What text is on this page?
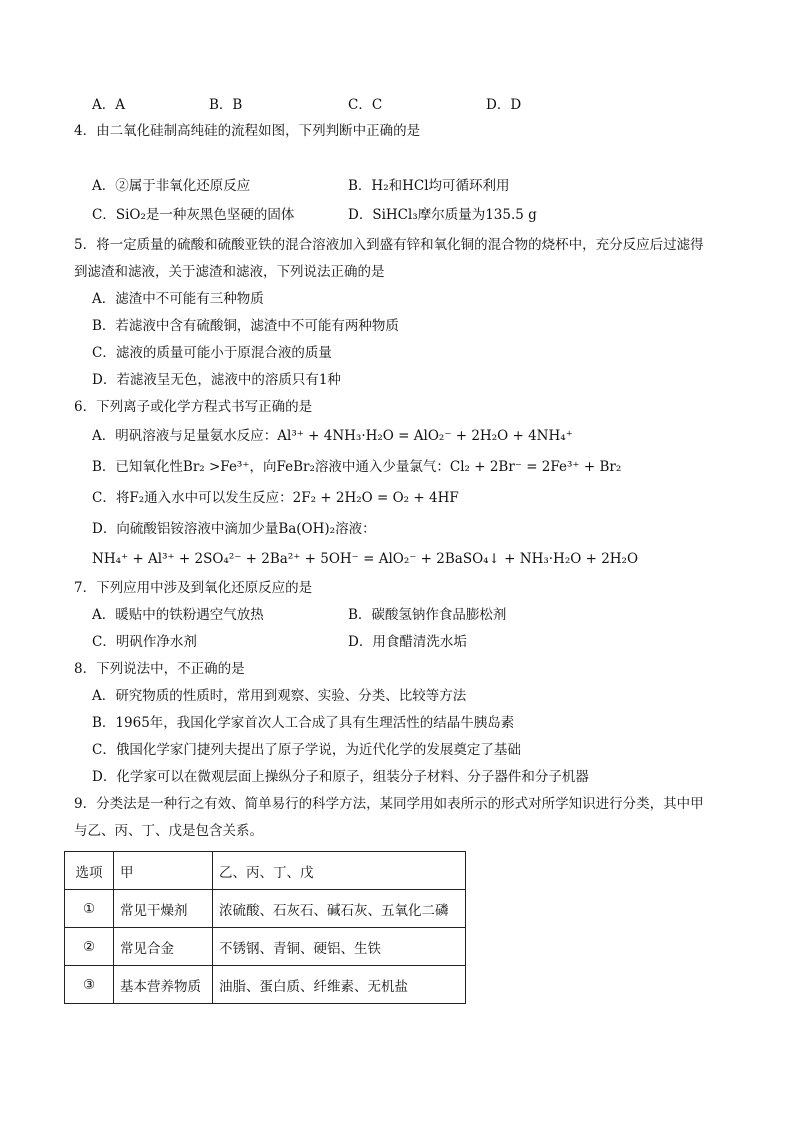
A．A	B．B	C．C	D．D
4．由二氧化硅制高纯硅的流程如图，下列判断中正确的是
A．②属于非氧化还原反应	B．H₂和HCl均可循环利用
C．SiO₂是一种灰黑色坚硬的固体	D．SiHCl₃摩尔质量为135.5 g
5．将一定质量的硫酸和硫酸亚铁的混合溶液加入到盛有锌和氧化铜的混合物的烧杯中，充分反应后过滤得
到滤渣和滤液，关于滤渣和滤液，下列说法正确的是
A．滤渣中不可能有三种物质
B．若滤液中含有硫酸铜，滤渣中不可能有两种物质
C．滤液的质量可能小于原混合液的质量
D．若滤液呈无色，滤液中的溶质只有1种
6．下列离子或化学方程式书写正确的是
A．明矾溶液与足量氨水反应：Al³⁺ + 4NH₃·H₂O = AlO₂⁻ + 2H₂O + 4NH₄⁺
B．已知氧化性Br₂ >Fe³⁺，向FeBr₂溶液中通入少量氯气：Cl₂ + 2Br⁻ = 2Fe³⁺ + Br₂
C．将F₂通入水中可以发生反应：2F₂ + 2H₂O = O₂ + 4HF
D．向硫酸铝铵溶液中滴加少量Ba(OH)₂溶液：
NH₄⁺ + Al³⁺ + 2SO₄²⁻ + 2Ba²⁺ + 5OH⁻ = AlO₂⁻ + 2BaSO₄↓ + NH₃·H₂O + 2H₂O
7．下列应用中涉及到氧化还原反应的是
A．暖贴中的铁粉遇空气放热	B．碳酸氢钠作食品膨松剂
C．明矾作净水剂	D．用食醋清洗水垢
8．下列说法中，不正确的是
A．研究物质的性质时，常用到观察、实验、分类、比较等方法
B．1965年，我国化学家首次人工合成了具有生理活性的结晶牛胰岛素
C．俄国化学家门捷列夫提出了原子学说，为近代化学的发展奠定了基础
D．化学家可以在微观层面上操纵分子和原子，组装分子材料、分子器件和分子机器
9．分类法是一种行之有效、简单易行的科学方法，某同学用如表所示的形式对所学知识进行分类，其中甲
与乙、丙、丁、戊是包含关系。
选项	甲	乙、丙、丁、戊
①	常见干燥剂	浓硫酸、石灰石、碱石灰、五氧化二磷
②	常见合金	不锈钢、青铜、硬铝、生铁
③	基本营养物质	油脂、蛋白质、纤维素、无机盐
